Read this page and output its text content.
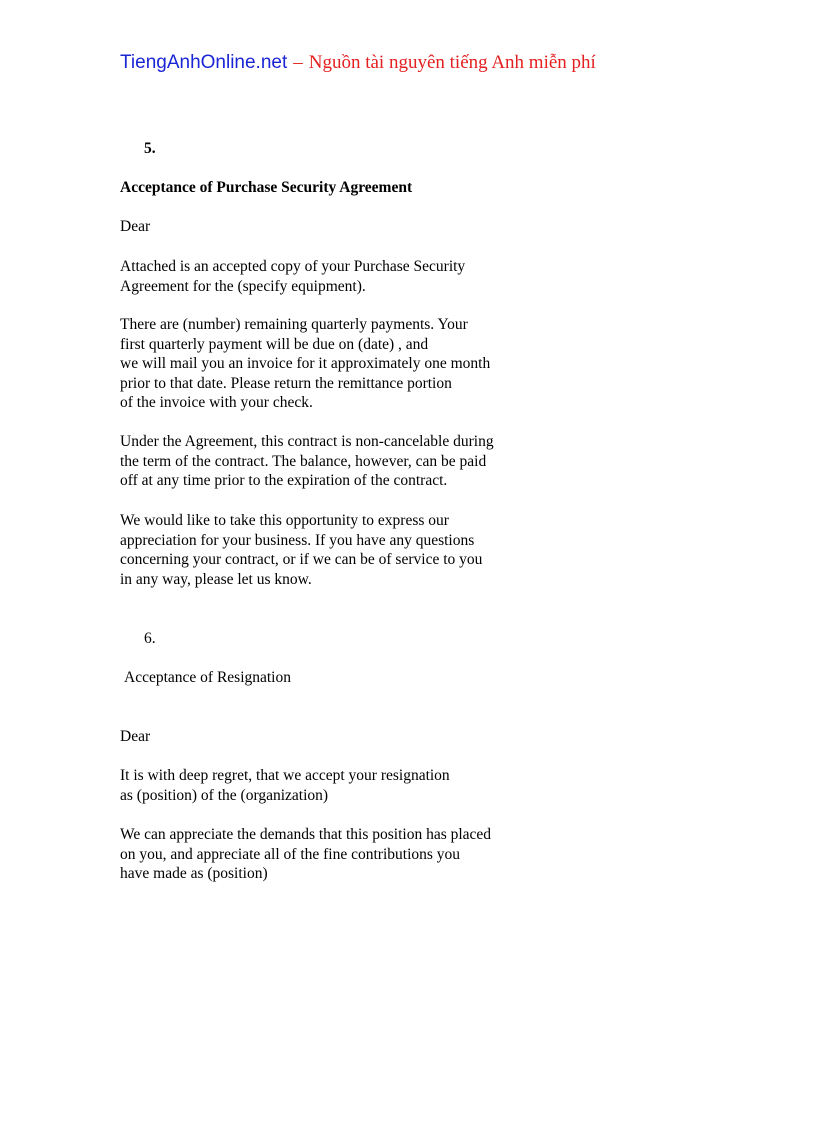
TiengAnhOnline.net – Nguồn tài nguyên tiếng Anh miễn phí

5.

Acceptance of Purchase Security Agreement

Dear

Attached is an accepted copy of your Purchase Security
Agreement for the (specify equipment).

There are (number) remaining quarterly payments. Your
first quarterly payment will be due on (date) , and
we will mail you an invoice for it approximately one month
prior to that date. Please return the remittance portion
of the invoice with your check.

Under the Agreement, this contract is non-cancelable during
the term of the contract. The balance, however, can be paid
off at any time prior to the expiration of the contract.

We would like to take this opportunity to express our
appreciation for your business. If you have any questions
concerning your contract, or if we can be of service to you
in any way, please let us know.

6.

Acceptance of Resignation

Dear

It is with deep regret, that we accept your resignation
as (position) of the (organization)

We can appreciate the demands that this position has placed
on you, and appreciate all of the fine contributions you
have made as (position)
